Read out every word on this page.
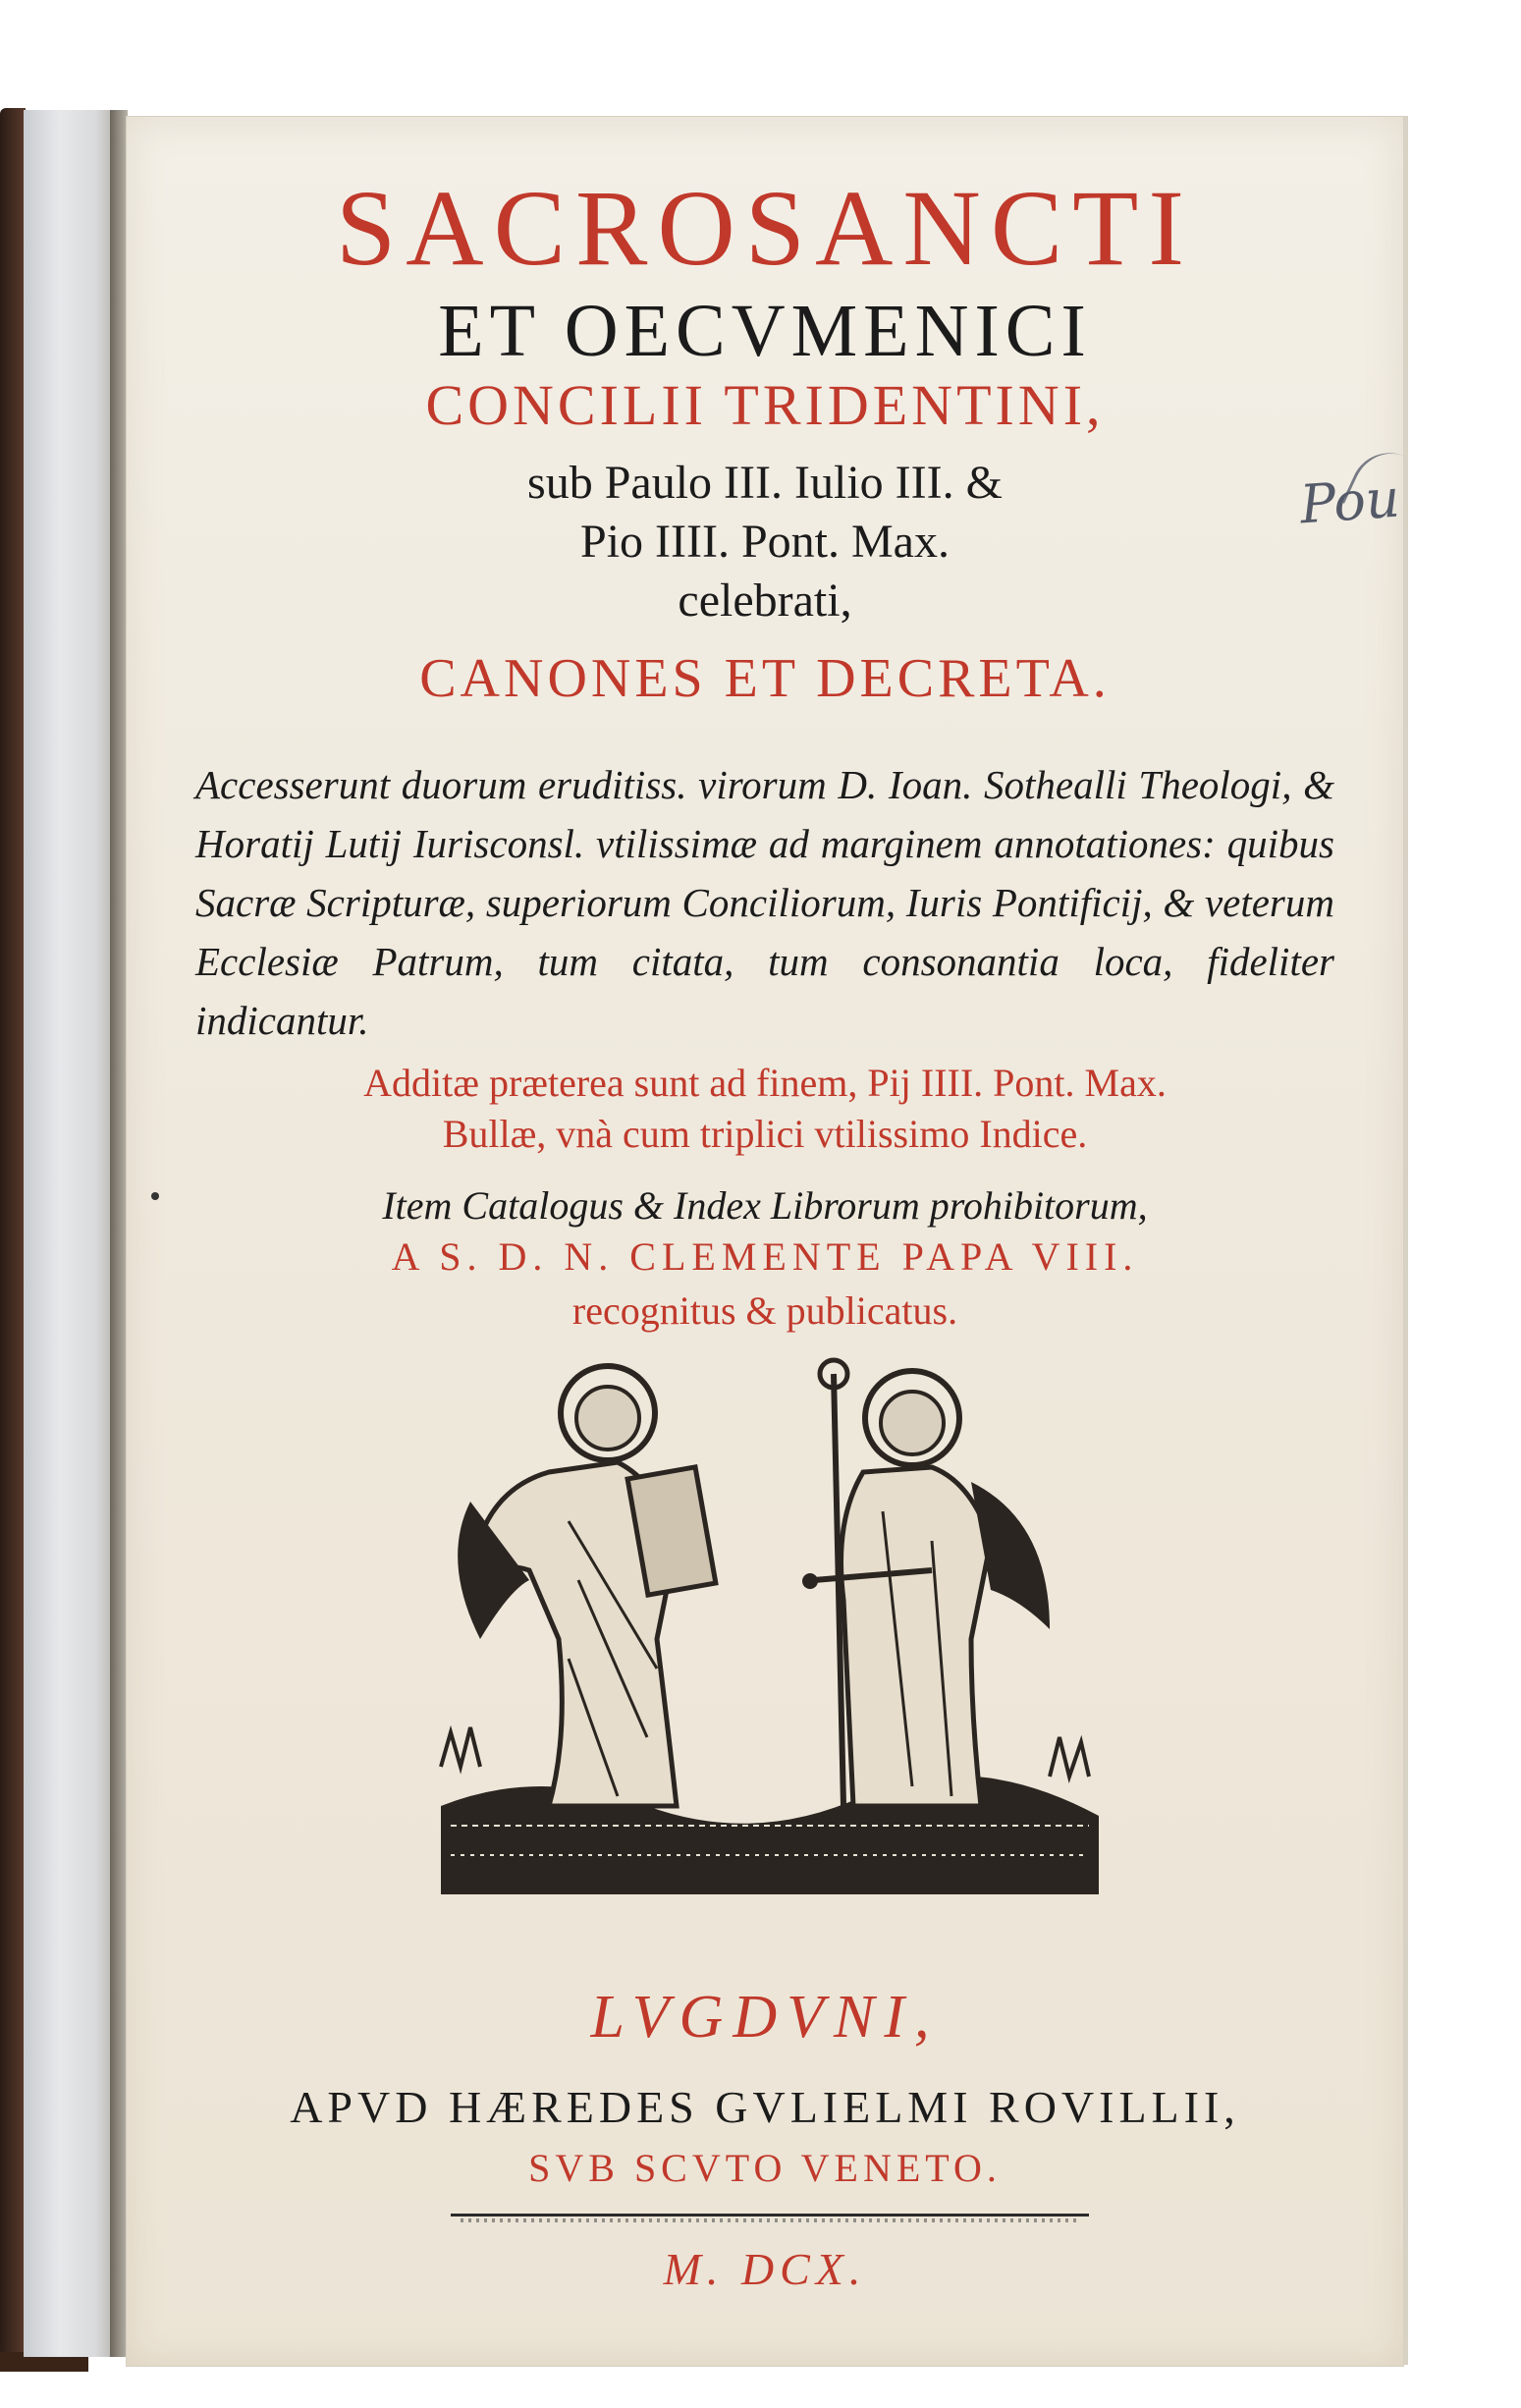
SACROSANCTI
ET OECVMENICI
CONCILII TRIDENTINI,
sub Paulo III. Iulio III. &
Pio IIII. Pont. Max.
celebrati,
CANONES ET DECRETA.
Accesserunt duorum eruditiss. virorum D. Ioan. Sothealli Theologi, & Horatij Lutij Iurisconsl. vtilissimæ ad marginem annotationes: quibus Sacræ Scripturæ, superiorum Conciliorum, Iuris Pontificij, & veterum Ecclesiæ Patrum, tum citata, tum consonantia loca, fideliter indicantur.
Additæ præterea sunt ad finem, Pij IIII. Pont. Max.
Bullæ, vnà cum triplici vtilissimo Indice.
Item Catalogus & Index Librorum prohibitorum,
A S. D. N. CLEMENTE PAPA VIII.
recognitus & publicatus.
LVGDVNI,
APVD HÆREDES GVLIELMI ROVILLII,
SVB SCVTO VENETO.
M. DCX.
Pou
